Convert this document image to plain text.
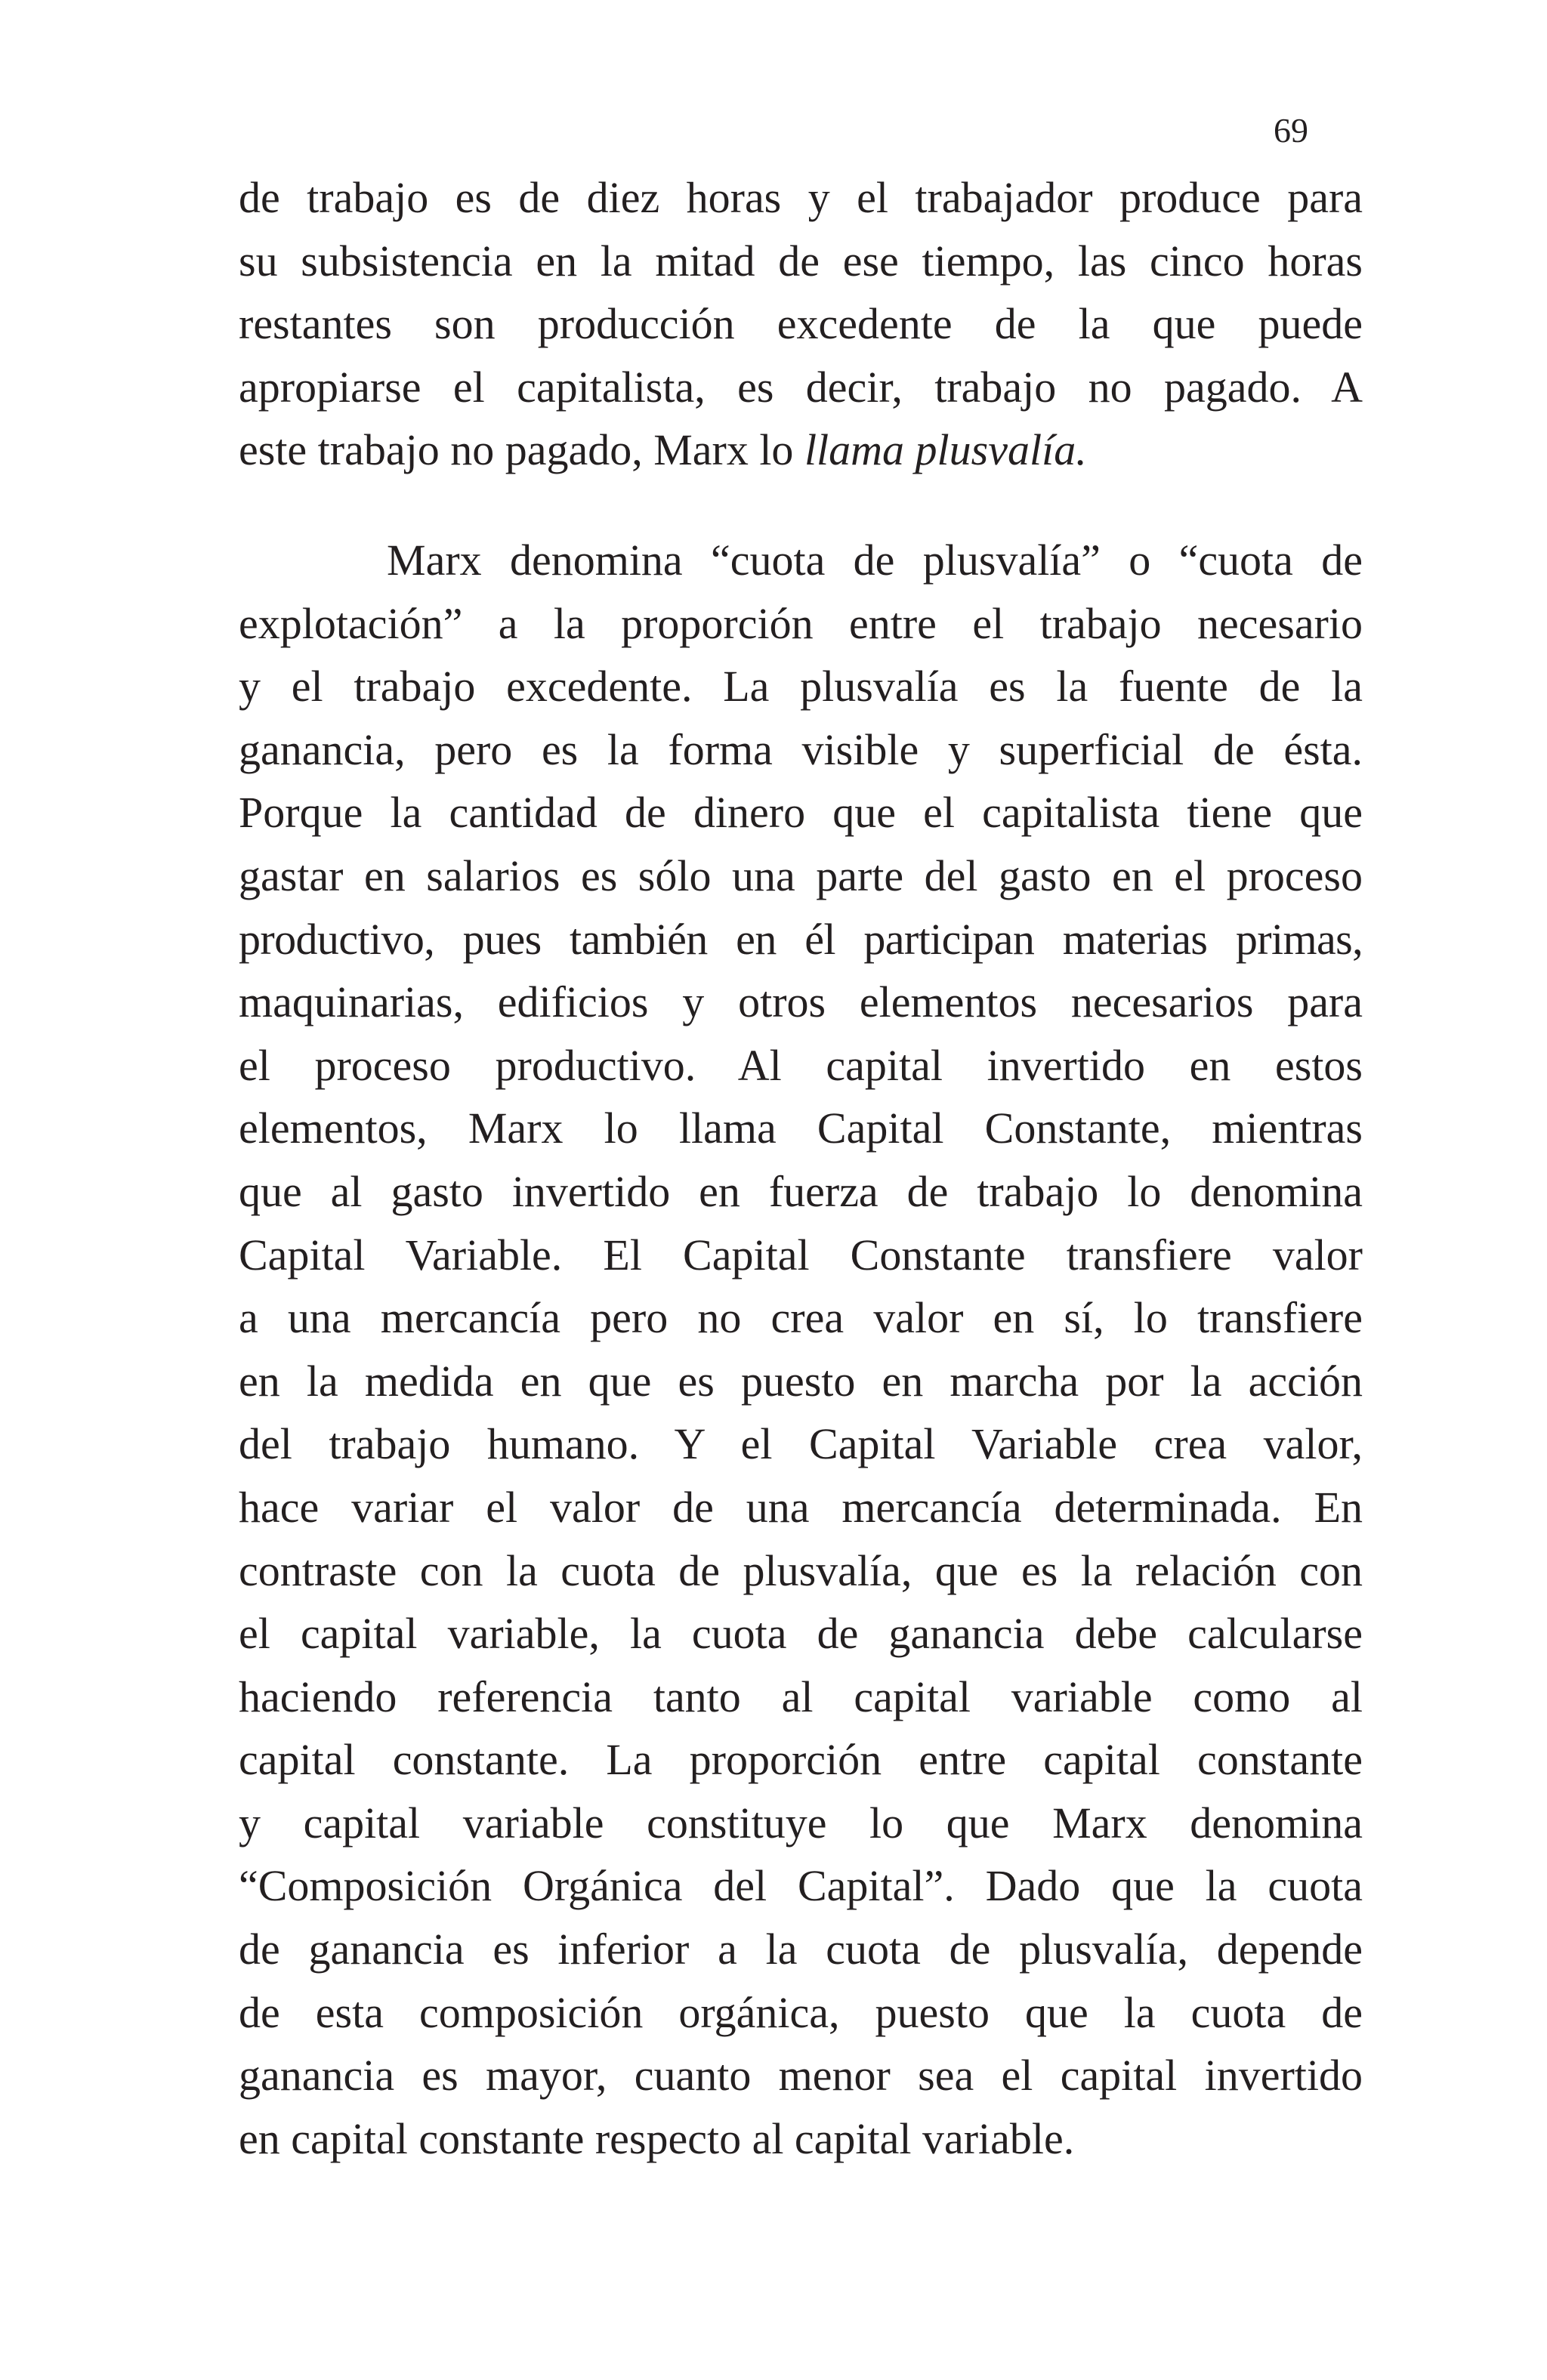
69
de trabajo es de diez horas y el trabajador produce para
su subsistencia en la mitad de ese tiempo, las cinco horas
restantes son producción excedente de la que puede
apropiarse el capitalista, es decir, trabajo no pagado. A
este trabajo no pagado, Marx lo llama plusvalía.
Marx denomina “cuota de plusvalía” o “cuota de
explotación” a la proporción entre el trabajo necesario
y el trabajo excedente. La plusvalía es la fuente de la
ganancia, pero es la forma visible y superficial de ésta.
Porque la cantidad de dinero que el capitalista tiene que
gastar en salarios es sólo una parte del gasto en el proceso
productivo, pues también en él participan materias primas,
maquinarias, edificios y otros elementos necesarios para
el proceso productivo. Al capital invertido en estos
elementos, Marx lo llama Capital Constante, mientras
que al gasto invertido en fuerza de trabajo lo denomina
Capital Variable. El Capital Constante transfiere valor
a una mercancía pero no crea valor en sí, lo transfiere
en la medida en que es puesto en marcha por la acción
del trabajo humano. Y el Capital Variable crea valor,
hace variar el valor de una mercancía determinada. En
contraste con la cuota de plusvalía, que es la relación con
el capital variable, la cuota de ganancia debe calcularse
haciendo referencia tanto al capital variable como al
capital constante. La proporción entre capital constante
y capital variable constituye lo que Marx denomina
“Composición Orgánica del Capital”. Dado que la cuota
de ganancia es inferior a la cuota de plusvalía, depende
de esta composición orgánica, puesto que la cuota de
ganancia es mayor, cuanto menor sea el capital invertido
en capital constante respecto al capital variable.
